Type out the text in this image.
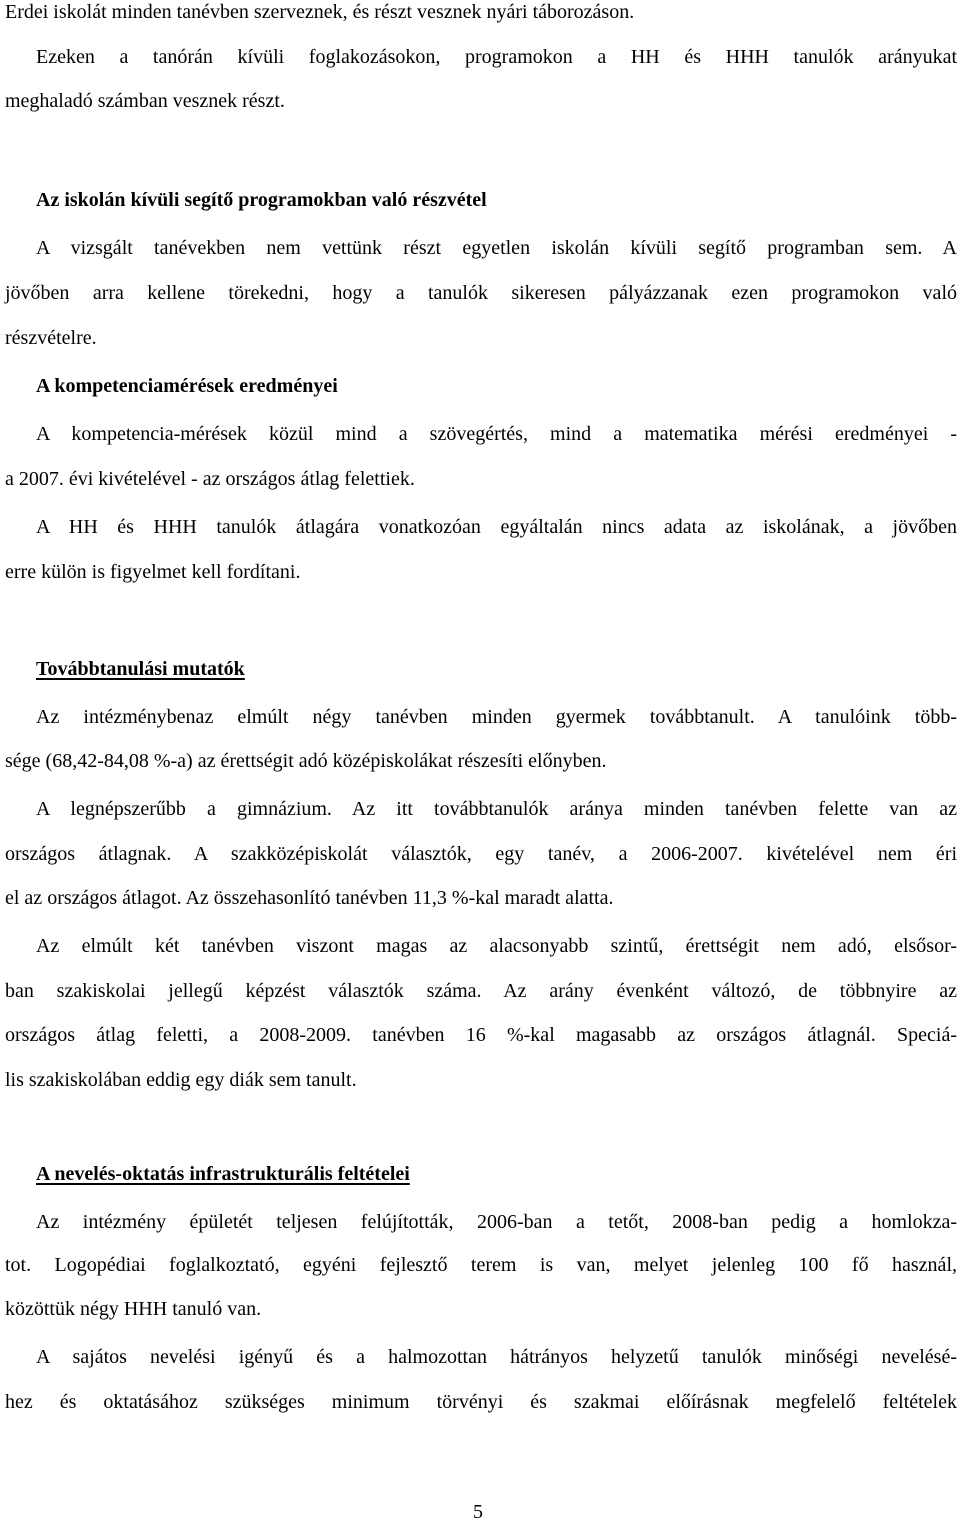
Erdei iskolát minden tanévben szerveznek, és részt vesznek nyári táborozáson.
Ezeken a tanórán kívüli foglakozásokon, programokon a HH és HHH tanulók arányukat
meghaladó számban vesznek részt.
Az iskolán kívüli segítő programokban való részvétel
A vizsgált tanévekben nem vettünk részt egyetlen iskolán kívüli segítő programban sem. A
jövőben arra kellene törekedni, hogy a tanulók sikeresen pályázzanak ezen programokon való
részvételre.
A kompetenciamérések eredményei
A kompetencia-mérések közül mind a szövegértés, mind a matematika mérési eredményei -
a 2007. évi kivételével - az országos átlag felettiek.
A HH és HHH tanulók átlagára vonatkozóan egyáltalán nincs adata az iskolának, a jövőben
erre külön is figyelmet kell fordítani.
Továbbtanulási mutatók
Az intézménybenaz elmúlt négy tanévben minden gyermek továbbtanult. A tanulóink több-
sége (68,42-84,08 %-a) az érettségit adó középiskolákat részesíti előnyben.
A legnépszerűbb a gimnázium. Az itt továbbtanulók aránya minden tanévben felette van az
országos átlagnak. A szakközépiskolát választók, egy tanév, a 2006-2007. kivételével nem éri
el az országos átlagot. Az összehasonlító tanévben 11,3 %-kal maradt alatta.
Az elmúlt két tanévben viszont magas az alacsonyabb szintű, érettségit nem adó, elsősor-
ban szakiskolai jellegű képzést választók száma. Az arány évenként változó, de többnyire az
országos átlag feletti, a 2008-2009. tanévben 16 %-kal magasabb az országos átlagnál. Speciá-
lis szakiskolában eddig egy diák sem tanult.
A nevelés-oktatás infrastrukturális feltételei
Az intézmény épületét teljesen felújították, 2006-ban a tetőt, 2008-ban pedig a homlokza-
tot. Logopédiai foglalkoztató, egyéni fejlesztő terem is van, melyet jelenleg 100 fő használ,
közöttük négy HHH tanuló van.
A sajátos nevelési igényű és a halmozottan hátrányos helyzetű tanulók minőségi nevelésé-
hez és oktatásához szükséges minimum törvényi és szakmai előírásnak megfelelő feltételek
5
